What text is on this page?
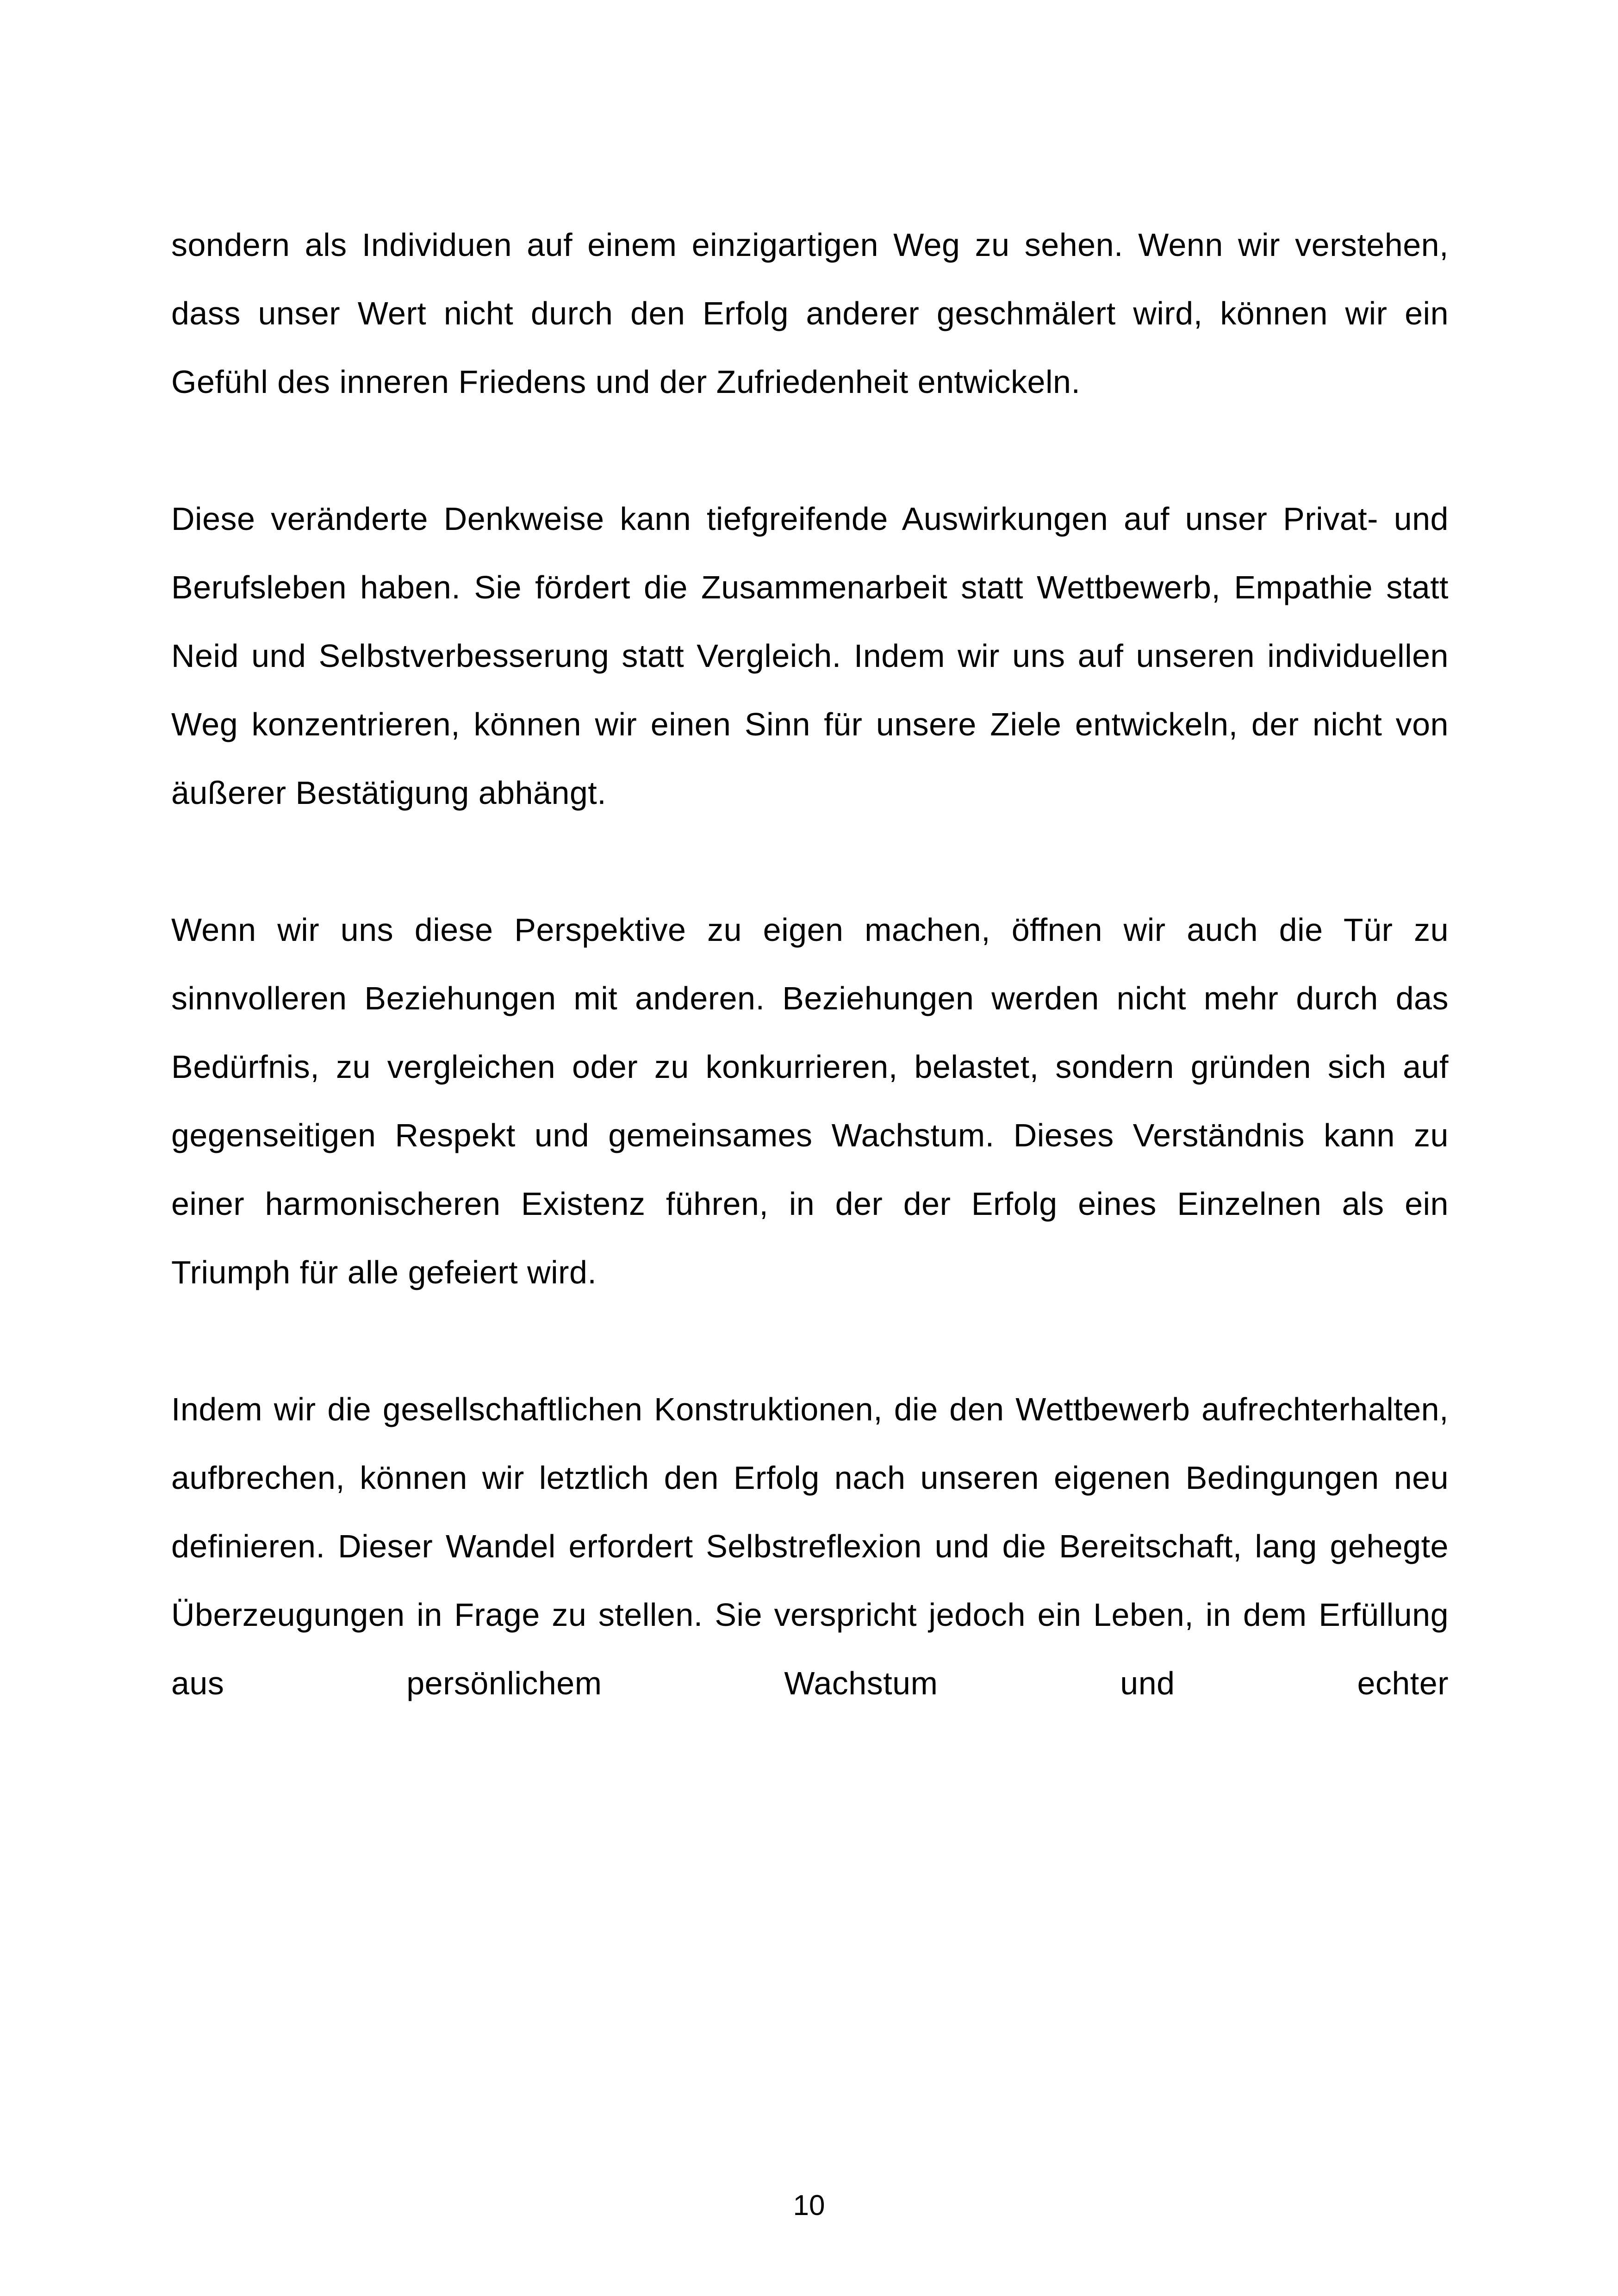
sondern als Individuen auf einem einzigartigen Weg zu sehen. Wenn wir verstehen, dass unser Wert nicht durch den Erfolg anderer geschmälert wird, können wir ein Gefühl des inneren Friedens und der Zufriedenheit entwickeln.

Diese veränderte Denkweise kann tiefgreifende Auswirkungen auf unser Privat- und Berufsleben haben. Sie fördert die Zusammenarbeit statt Wettbewerb, Empathie statt Neid und Selbstverbesserung statt Vergleich. Indem wir uns auf unseren individuellen Weg konzentrieren, können wir einen Sinn für unsere Ziele entwickeln, der nicht von äußerer Bestätigung abhängt.

Wenn wir uns diese Perspektive zu eigen machen, öffnen wir auch die Tür zu sinnvolleren Beziehungen mit anderen. Beziehungen werden nicht mehr durch das Bedürfnis, zu vergleichen oder zu konkurrieren, belastet, sondern gründen sich auf gegenseitigen Respekt und gemeinsames Wachstum. Dieses Verständnis kann zu einer harmonischeren Existenz führen, in der der Erfolg eines Einzelnen als ein Triumph für alle gefeiert wird.

Indem wir die gesellschaftlichen Konstruktionen, die den Wettbewerb aufrechterhalten, aufbrechen, können wir letztlich den Erfolg nach unseren eigenen Bedingungen neu definieren. Dieser Wandel erfordert Selbstreflexion und die Bereitschaft, lang gehegte Überzeugungen in Frage zu stellen. Sie verspricht jedoch ein Leben, in dem Erfüllung aus persönlichem Wachstum und echter

10
